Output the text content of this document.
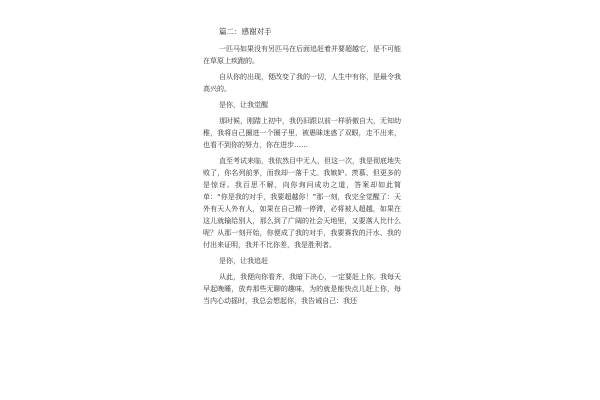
篇二：感谢对手

一匹马如果没有另匹马在后面追赶着并要超越它，是不可能在草原上疾跑的。

自从你的出现，便改变了我的一切，人生中有你，是最令我高兴的。

是你，让我觉醒

那时候，刚踏上初中，我仍旧跟以前一样骄傲自大，无知幼稚，我将自己圈进一个圈子里，被愚昧迷惑了双眼，走不出来，也看不到你的努力，你在进步……

直至考试来临，我依然目中无人，但这一次，我是彻底地失败了，你名列前茅，而我却一落千丈。我嫉妒、羡慕、但更多的是惊讶。我百思不解，向你询问成功之道，答案却如此简单：“你是我的对手，我要超越你！”那一刻，我完全觉醒了：天外有天人外有人，如果在自己精一停滞，必将被人超越，如果在这儿就输给别人，那么到了广阔的社会天地里，又要落人比什么呢？从那一刻开始，你便成了我的对手，我要赛我的汗水、我的付出来证明，我并不比你差，我是胜利者。

是你，让我追赶

从此，我便向你看齐，我暗下决心，一定要赶上你。我每天早起晚睡，放弃那些无聊的趣味，为的就是能快点儿赶上你，每当内心动摇时，我总会想起你，我告诫自己：我还
